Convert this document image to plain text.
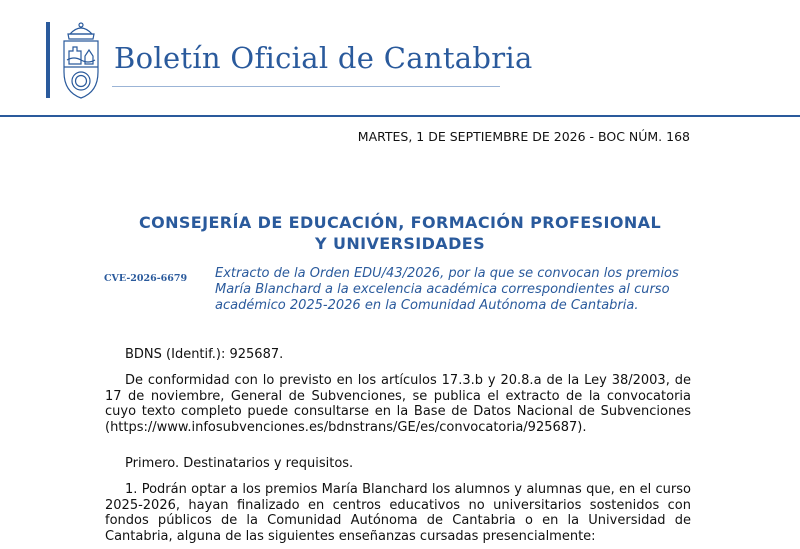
Boletín Oficial de Cantabria
MARTES, 1 DE SEPTIEMBRE DE 2026 - BOC NÚM. 168
CONSEJERÍA DE EDUCACIÓN, FORMACIÓN PROFESIONAL
Y UNIVERSIDADES
CVE-2026-6679 Extracto de la Orden EDU/43/2026, por la que se convocan los premios María Blanchard a la excelencia académica correspondientes al curso académico 2025-2026 en la Comunidad Autónoma de Cantabria.

BDNS (Identif.): 925687.

De conformidad con lo previsto en los artículos 17.3.b y 20.8.a de la Ley 38/2003, de 17 de noviembre, General de Subvenciones, se publica el extracto de la convocatoria cuyo texto completo puede consultarse en la Base de Datos Nacional de Subvenciones (https://www.infosubvenciones.es/bdnstrans/GE/es/convocatoria/925687).

Primero. Destinatarios y requisitos.

1. Podrán optar a los premios María Blanchard los alumnos y alumnas que, en el curso 2025-2026, hayan finalizado en centros educativos no universitarios sostenidos con fondos públicos de la Comunidad Autónoma de Cantabria o en la Universidad de Cantabria, alguna de las siguientes enseñanzas cursadas presencialmente:
